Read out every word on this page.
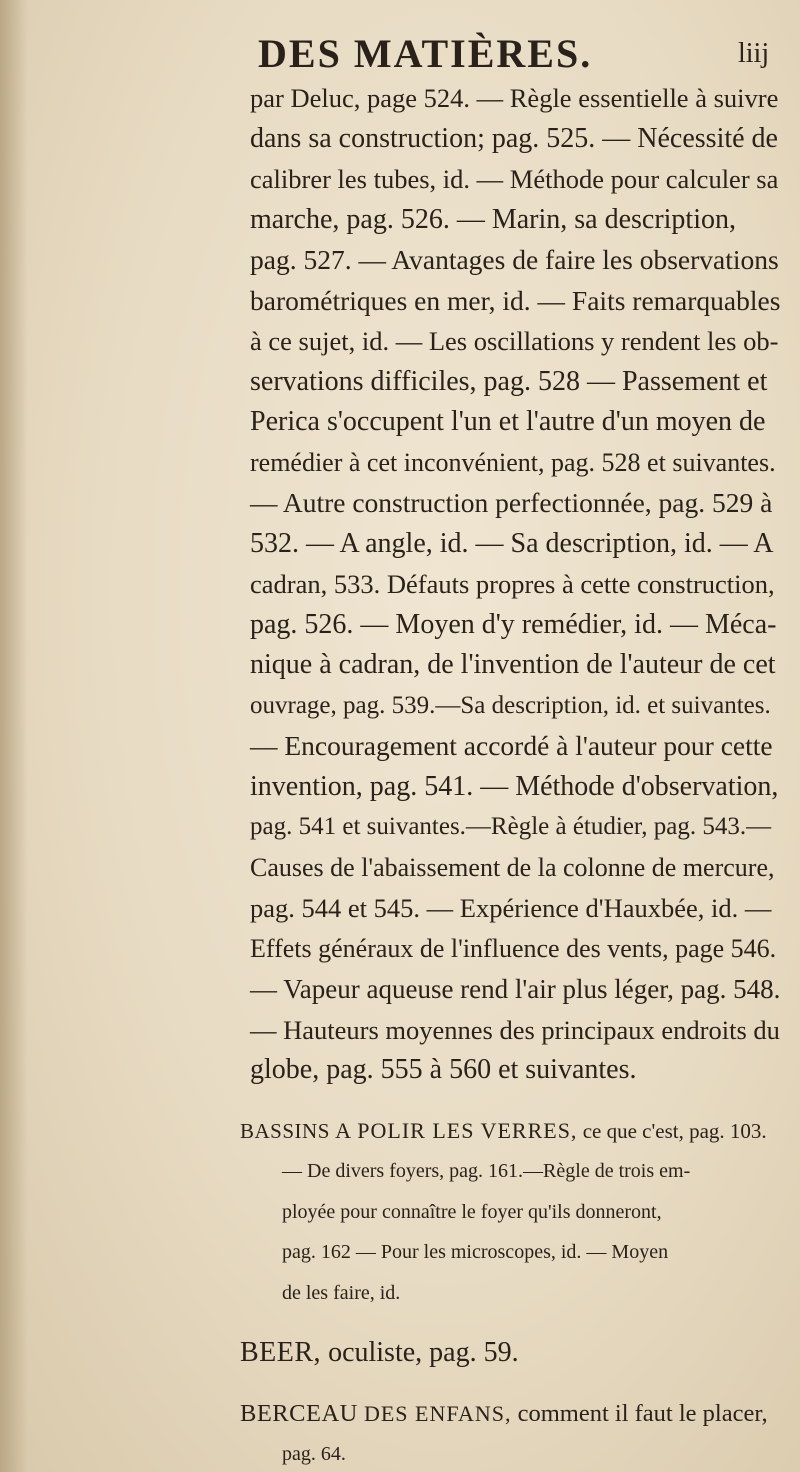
DES MATIÈRES.	liij

par Deluc, page 524. — Règle essentielle à suivre
dans sa construction; pag. 525. — Nécessité de
calibrer les tubes, id. — Méthode pour calculer sa
marche, pag. 526. — Marin, sa description,
pag. 527. — Avantages de faire les observations
barométriques en mer, id. — Faits remarquables
à ce sujet, id. — Les oscillations y rendent les ob-
servations difficiles, pag. 528 — Passement et
Perica s'occupent l'un et l'autre d'un moyen de
remédier à cet inconvénient, pag. 528 et suivantes.
— Autre construction perfectionnée, pag. 529 à
532. — A angle, id. — Sa description, id. — A
cadran, 533. Défauts propres à cette construction,
pag. 526. — Moyen d'y remédier, id. — Méca-
nique à cadran, de l'invention de l'auteur de cet
ouvrage, pag. 539.—Sa description, id. et suivantes.
— Encouragement accordé à l'auteur pour cette
invention, pag. 541. — Méthode d'observation,
pag. 541 et suivantes.—Règle à étudier, pag. 543.—
Causes de l'abaissement de la colonne de mercure,
pag. 544 et 545. — Expérience d'Hauxbée, id. —
Effets généraux de l'influence des vents, page 546.
— Vapeur aqueuse rend l'air plus léger, pag. 548.
— Hauteurs moyennes des principaux endroits du
globe, pag. 555 à 560 et suivantes.

BASSINS A POLIR LES VERRES, ce que c'est, pag. 103.
— De divers foyers, pag. 161.—Règle de trois em-
ployée pour connaître le foyer qu'ils donneront,
pag. 162 — Pour les microscopes, id. — Moyen
de les faire, id.

BEER, oculiste, pag. 59.

BERCEAU DES ENFANS, comment il faut le placer,
pag. 64.
